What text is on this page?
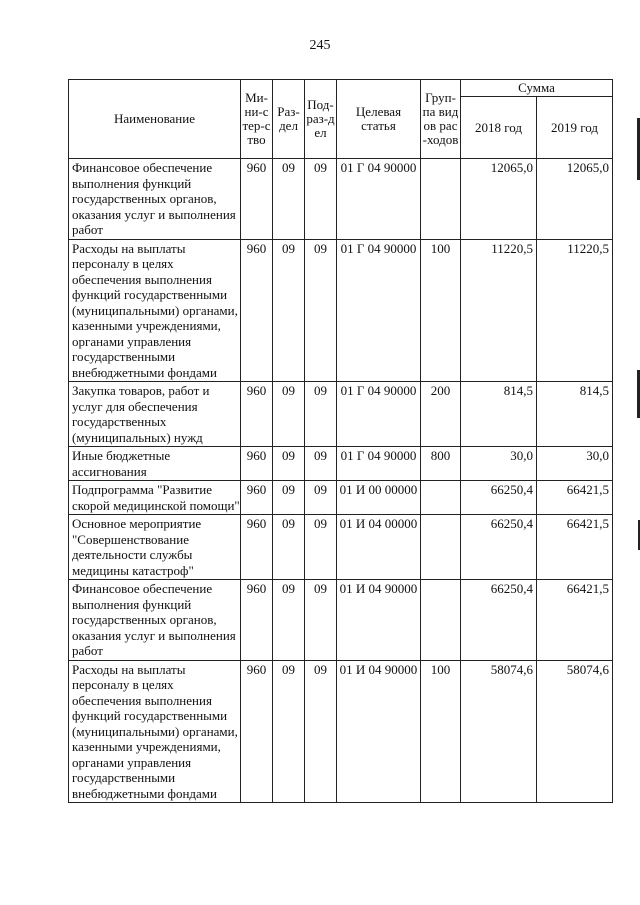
245
Наименование	Ми-ни-стер-ство	Раз-дел	Под-раз-дел	Целевая статья	Груп-па видов рас-ходов	Сумма	
						2018 год	2019 год
Финансовое обеспечение выполнения функций государственных органов, оказания услуг и выполнения работ	960	09	09	01 Г 04 90000		12065,0	12065,0
Расходы на выплаты персоналу в целях обеспечения выполнения функций государственными (муниципальными) органами, казенными учреждениями, органами управления государственными внебюджетными фондами	960	09	09	01 Г 04 90000	100	11220,5	11220,5
Закупка товаров, работ и услуг для обеспечения государственных (муниципальных) нужд	960	09	09	01 Г 04 90000	200	814,5	814,5
Иные бюджетные ассигнования	960	09	09	01 Г 04 90000	800	30,0	30,0
Подпрограмма "Развитие скорой медицинской помощи"	960	09	09	01 И 00 00000		66250,4	66421,5
Основное мероприятие "Совершенствование деятельности службы медицины катастроф"	960	09	09	01 И 04 00000		66250,4	66421,5
Финансовое обеспечение выполнения функций государственных органов, оказания услуг и выполнения работ	960	09	09	01 И 04 90000		66250,4	66421,5
Расходы на выплаты персоналу в целях обеспечения выполнения функций государственными (муниципальными) органами, казенными учреждениями, органами управления государственными внебюджетными фондами	960	09	09	01 И 04 90000	100	58074,6	58074,6
